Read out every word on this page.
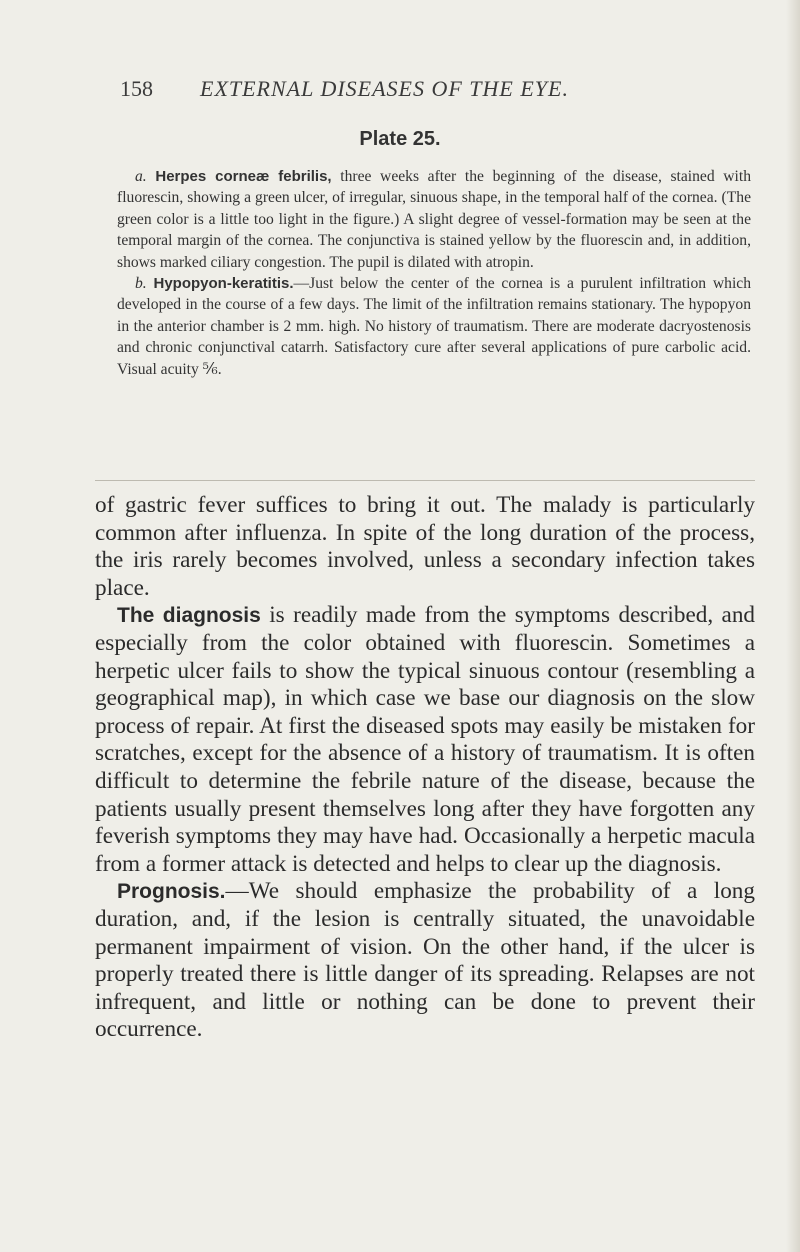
158 EXTERNAL DISEASES OF THE EYE.
Plate 25.

a. Herpes corneæ febrilis, three weeks after the beginning of the disease, stained with fluorescin, showing a green ulcer, of irregular, sinuous shape, in the temporal half of the cornea. (The green color is a little too light in the figure.) A slight degree of vessel-formation may be seen at the temporal margin of the cornea. The conjunctiva is stained yellow by the fluorescin and, in addition, shows marked ciliary congestion. The pupil is dilated with atropin.

b. Hypopyon-keratitis.—Just below the center of the cornea is a purulent infiltration which developed in the course of a few days. The limit of the infiltration remains stationary. The hypopyon in the anterior chamber is 2 mm. high. No history of traumatism. There are moderate dacryostenosis and chronic conjunctival catarrh. Satisfactory cure after several applications of pure carbolic acid. Visual acuity ⅚.

of gastric fever suffices to bring it out. The malady is particularly common after influenza. In spite of the long duration of the process, the iris rarely becomes involved, unless a secondary infection takes place.

The diagnosis is readily made from the symptoms described, and especially from the color obtained with fluorescin. Sometimes a herpetic ulcer fails to show the typical sinuous contour (resembling a geographical map), in which case we base our diagnosis on the slow process of repair. At first the diseased spots may easily be mistaken for scratches, except for the absence of a history of traumatism. It is often difficult to determine the febrile nature of the disease, because the patients usually present themselves long after they have forgotten any feverish symptoms they may have had. Occasionally a herpetic macula from a former attack is detected and helps to clear up the diagnosis.

Prognosis.—We should emphasize the probability of a long duration, and, if the lesion is centrally situated, the unavoidable permanent impairment of vision. On the other hand, if the ulcer is properly treated there is little danger of its spreading. Relapses are not infrequent, and little or nothing can be done to prevent their occurrence.
